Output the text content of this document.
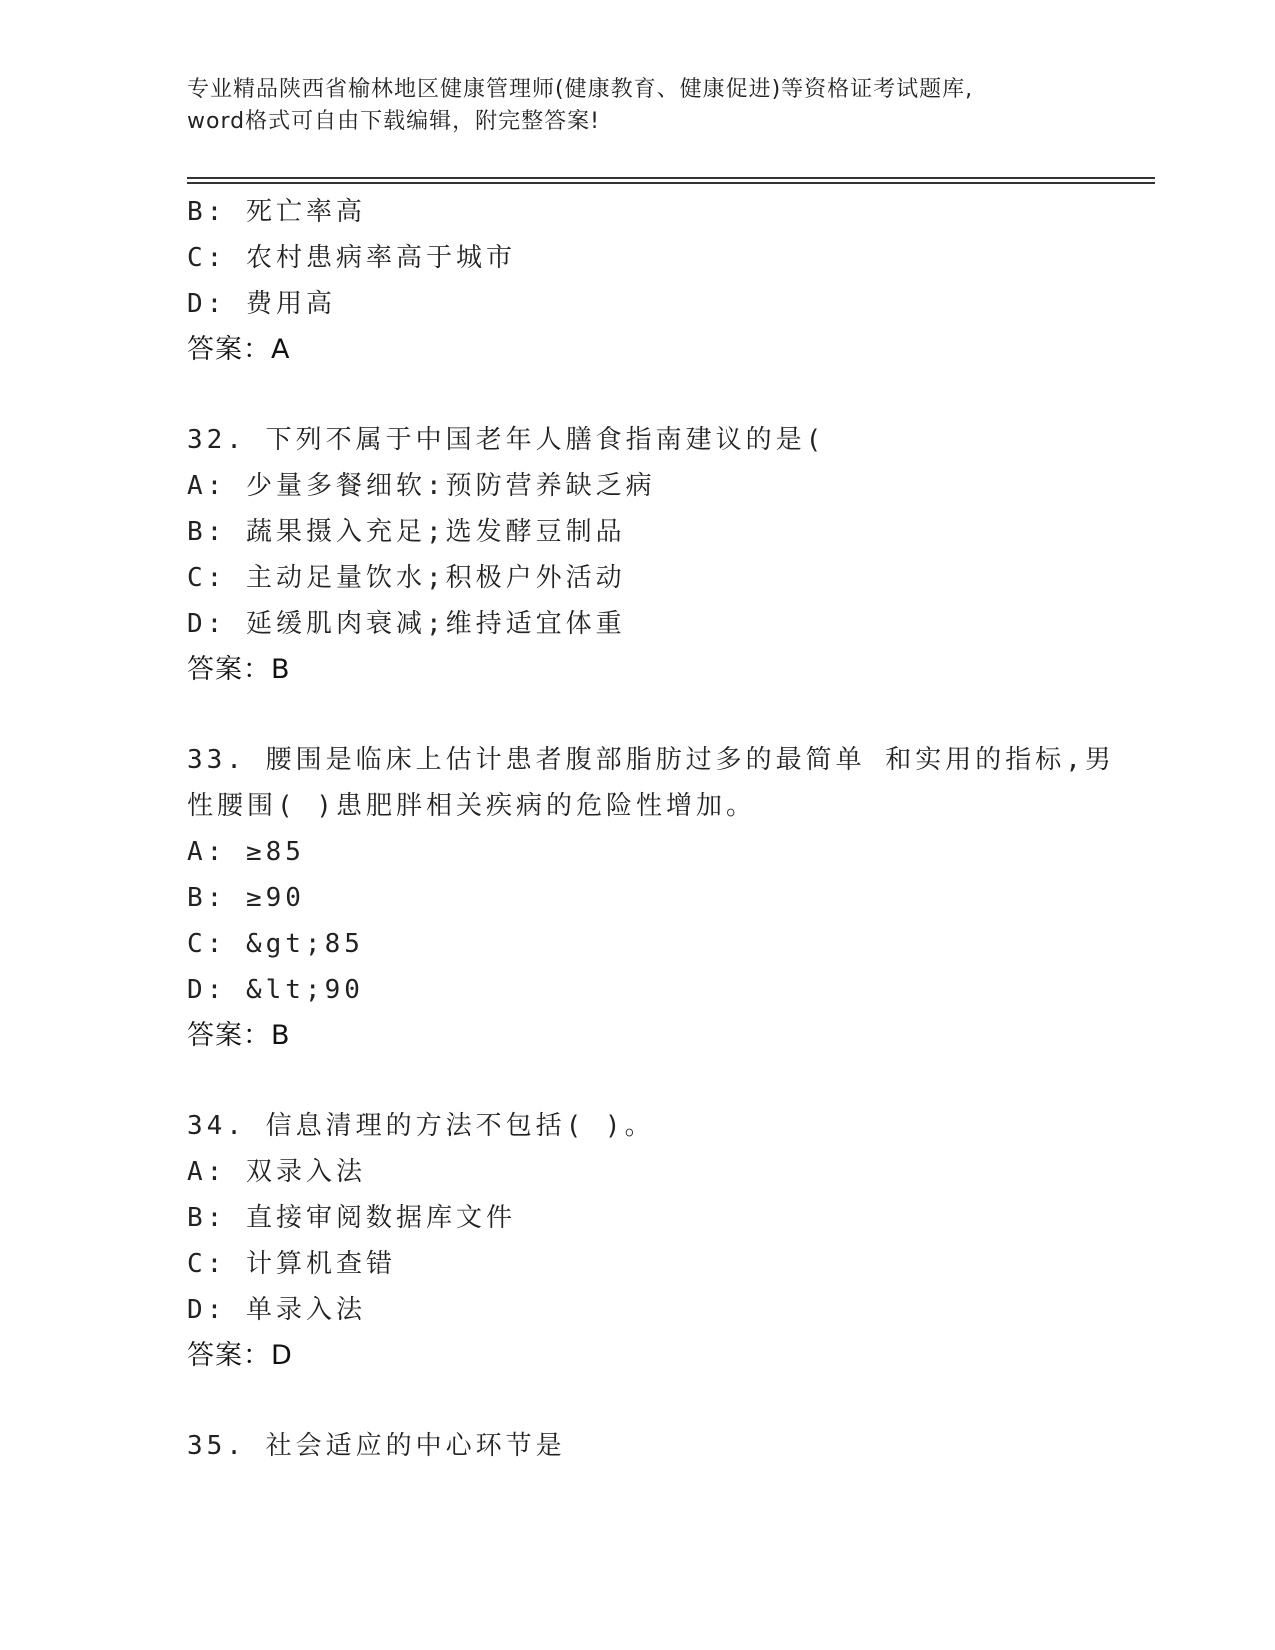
专业精品陕西省榆林地区健康管理师(健康教育、健康促进)等资格证考试题库,
word格式可自由下载编辑，附完整答案!
B: 死亡率高
C: 农村患病率高于城市
D: 费用高
答案：A
32. 下列不属于中国老年人膳食指南建议的是(
A: 少量多餐细软:预防营养缺乏病
B: 蔬果摄入充足;选发酵豆制品
C: 主动足量饮水;积极户外活动
D: 延缓肌肉衰减;维持适宜体重
答案：B
33. 腰围是临床上估计患者腹部脂肪过多的最简单 和实用的指标,男
性腰围( )患肥胖相关疾病的危险性增加。
A: ≥85
B: ≥90
C: &gt;85
D: &lt;90
答案：B
34. 信息清理的方法不包括( )。
A: 双录入法
B: 直接审阅数据库文件
C: 计算机查错
D: 单录入法
答案：D
35. 社会适应的中心环节是
